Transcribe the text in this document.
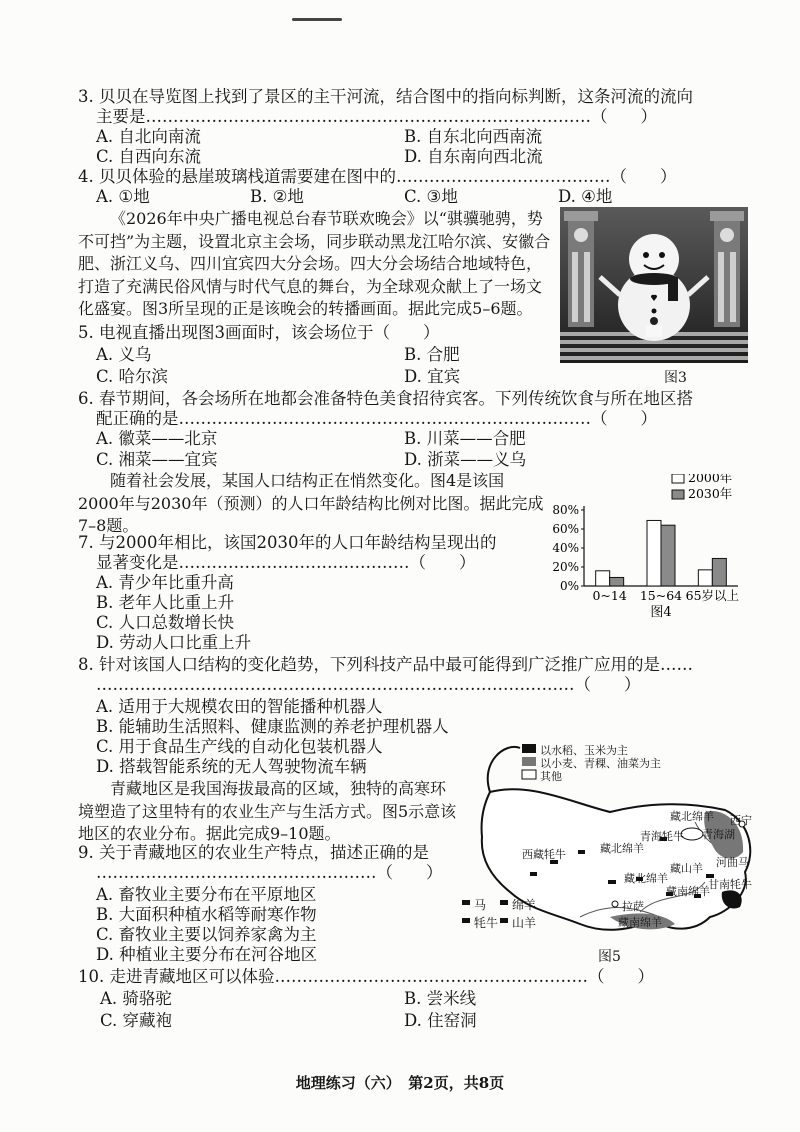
3. 贝贝在导览图上找到了景区的主干河流，结合图中的指向标判断，这条河流的流向
主要是………………………………………………………………………（　　）
A. 自北向南流	B. 自东北向西南流
C. 自西向东流	D. 自东南向西北流
4. 贝贝体验的悬崖玻璃栈道需要建在图中的…………………………………（　　）
A. ①地	B. ②地	C. ③地	D. ④地
《2026年中央广播电视总台春节联欢晚会》以“骐骥驰骋，势不可挡”为主题，设置北京主会场，同步联动黑龙江哈尔滨、安徽合肥、浙江义乌、四川宜宾四大分会场。四大分会场结合地域特色，打造了充满民俗风情与时代气息的舞台，为全球观众献上了一场文化盛宴。图3所呈现的正是该晚会的转播画面。据此完成5–6题。
图3
5. 电视直播出现图3画面时，该会场位于（　　）
A. 义乌	B. 合肥
C. 哈尔滨	D. 宜宾
6. 春节期间，各会场所在地都会准备特色美食招待宾客。下列传统饮食与所在地区搭
配正确的是…………………………………………………………………（　　）
A. 徽菜——北京	B. 川菜——合肥
C. 湘菜——宜宾	D. 浙菜——义乌
随着社会发展，某国人口结构正在悄然变化。图4是该国2000年与2030年（预测）的人口年龄结构比例对比图。据此完成7–8题。
0%
20%
40%
60%
80%
0~14 15~64 65岁以上
2000年
2030年
图4
7. 与2000年相比，该国2030年的人口年龄结构呈现出的
显著变化是……………………………………（　　）
A. 青少年比重升高
B. 老年人比重上升
C. 人口总数增长快
D. 劳动人口比重上升
8. 针对该国人口结构的变化趋势，下列科技产品中最可能得到广泛推广应用的是……
……………………………………………………………………………（　　）
A. 适用于大规模农田的智能播种机器人
B. 能辅助生活照料、健康监测的养老护理机器人
C. 用于食品生产线的自动化包装机器人
D. 搭载智能系统的无人驾驶物流车辆
青藏地区是我国海拔最高的区域，独特的高寒环境塑造了这里特有的农业生产与生活方式。图5示意该地区的农业分布。据此完成9–10题。
以水稻、玉米为主
以小麦、青稞、油菜为主
其他
藏北绵羊 西宁
青海牦牛 青海湖
藏北绵羊
西藏牦牛
藏山羊 河曲马
藏北绵羊
藏南绵羊
拉萨
藏南绵羊
甘南牦牛
马 绵羊
牦牛 山羊
图5
9. 关于青藏地区的农业生产特点，描述正确的是
……………………………………………（　　）
A. 畜牧业主要分布在平原地区
B. 大面积种植水稻等耐寒作物
C. 畜牧业主要以饲养家禽为主
D. 种植业主要分布在河谷地区
10. 走进青藏地区可以体验…………………………………………………（　　）
A. 骑骆驼	B. 尝米线
C. 穿藏袍	D. 住窑洞
地理练习（六）　第2页，共8页
